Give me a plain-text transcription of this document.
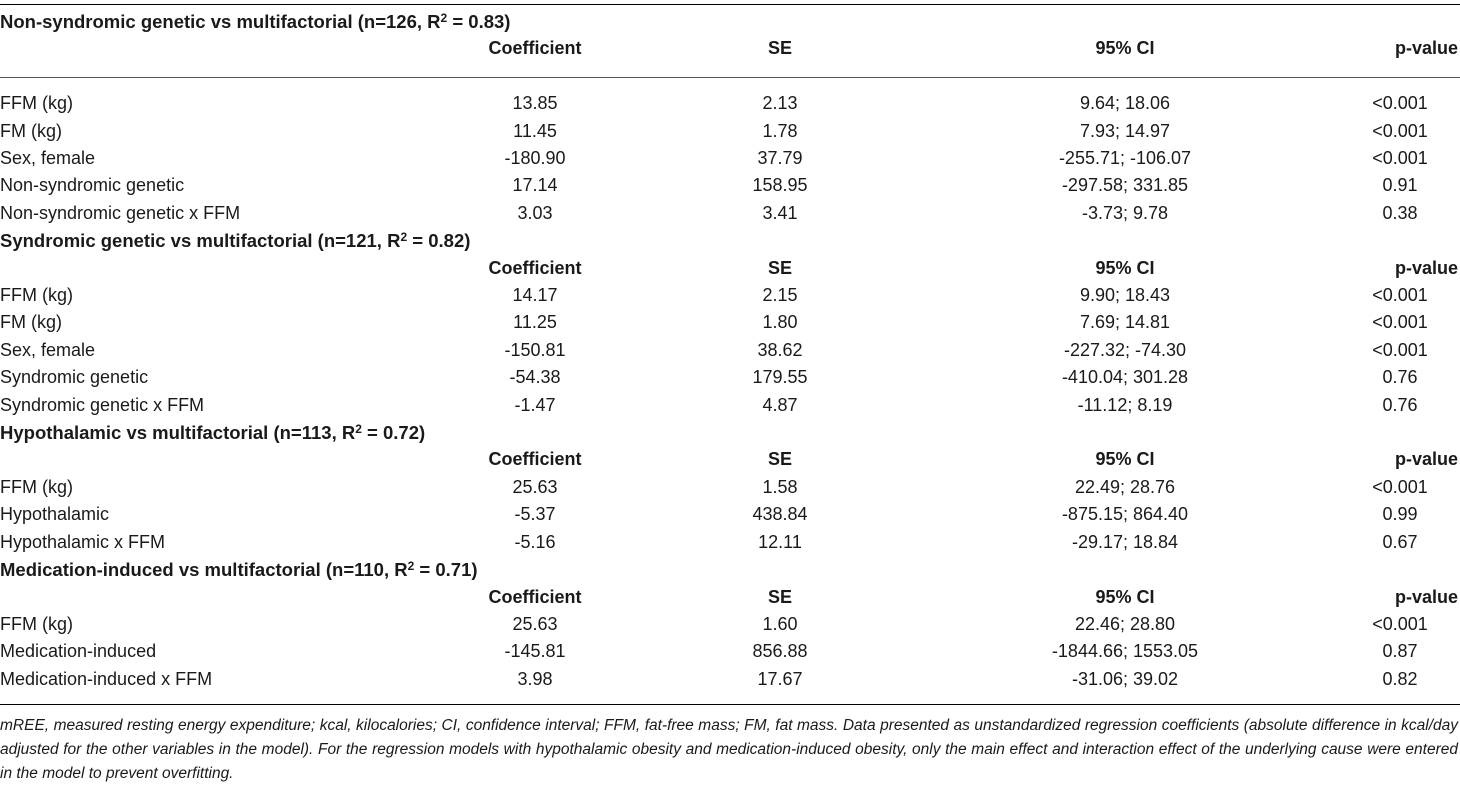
Non-syndromic genetic vs multifactorial (n=126, $R^2 = 0.83$)				
	Coefficient	SE	95% CI	p-value

FFM (kg)	13.85	2.13	9.64; 18.06	<0.001
FM (kg)	11.45	1.78	7.93; 14.97	<0.001
Sex, female	-180.90	37.79	-255.71; -106.07	<0.001
Non-syndromic genetic	17.14	158.95	-297.58; 331.85	0.91
Non-syndromic genetic x FFM	3.03	3.41	-3.73; 9.78	0.38
Syndromic genetic vs multifactorial (n=121, $R^2 = 0.82$)				
	Coefficient	SE	95% CI	p-value
FFM (kg)	14.17	2.15	9.90; 18.43	<0.001
FM (kg)	11.25	1.80	7.69; 14.81	<0.001
Sex, female	-150.81	38.62	-227.32; -74.30	<0.001
Syndromic genetic	-54.38	179.55	-410.04; 301.28	0.76
Syndromic genetic x FFM	-1.47	4.87	-11.12; 8.19	0.76
Hypothalamic vs multifactorial (n=113, $R^2 = 0.72$)				
	Coefficient	SE	95% CI	p-value
FFM (kg)	25.63	1.58	22.49; 28.76	<0.001
Hypothalamic	-5.37	438.84	-875.15; 864.40	0.99
Hypothalamic x FFM	-5.16	12.11	-29.17; 18.84	0.67
Medication-induced vs multifactorial (n=110, $R^2 = 0.71$)				
	Coefficient	SE	95% CI	p-value
FFM (kg)	25.63	1.60	22.46; 28.80	<0.001
Medication-induced	-145.81	856.88	-1844.66; 1553.05	0.87
Medication-induced x FFM	3.98	17.67	-31.06; 39.02	0.82
mREE, measured resting energy expenditure; kcal, kilocalories; CI, confidence interval; FFM, fat-free mass; FM, fat mass. Data presented as unstandardized regression coefficients (absolute difference in kcal/day adjusted for the other variables in the model). For the regression models with hypothalamic obesity and medication-induced obesity, only the main effect and interaction effect of the underlying cause were entered in the model to prevent overfitting.
